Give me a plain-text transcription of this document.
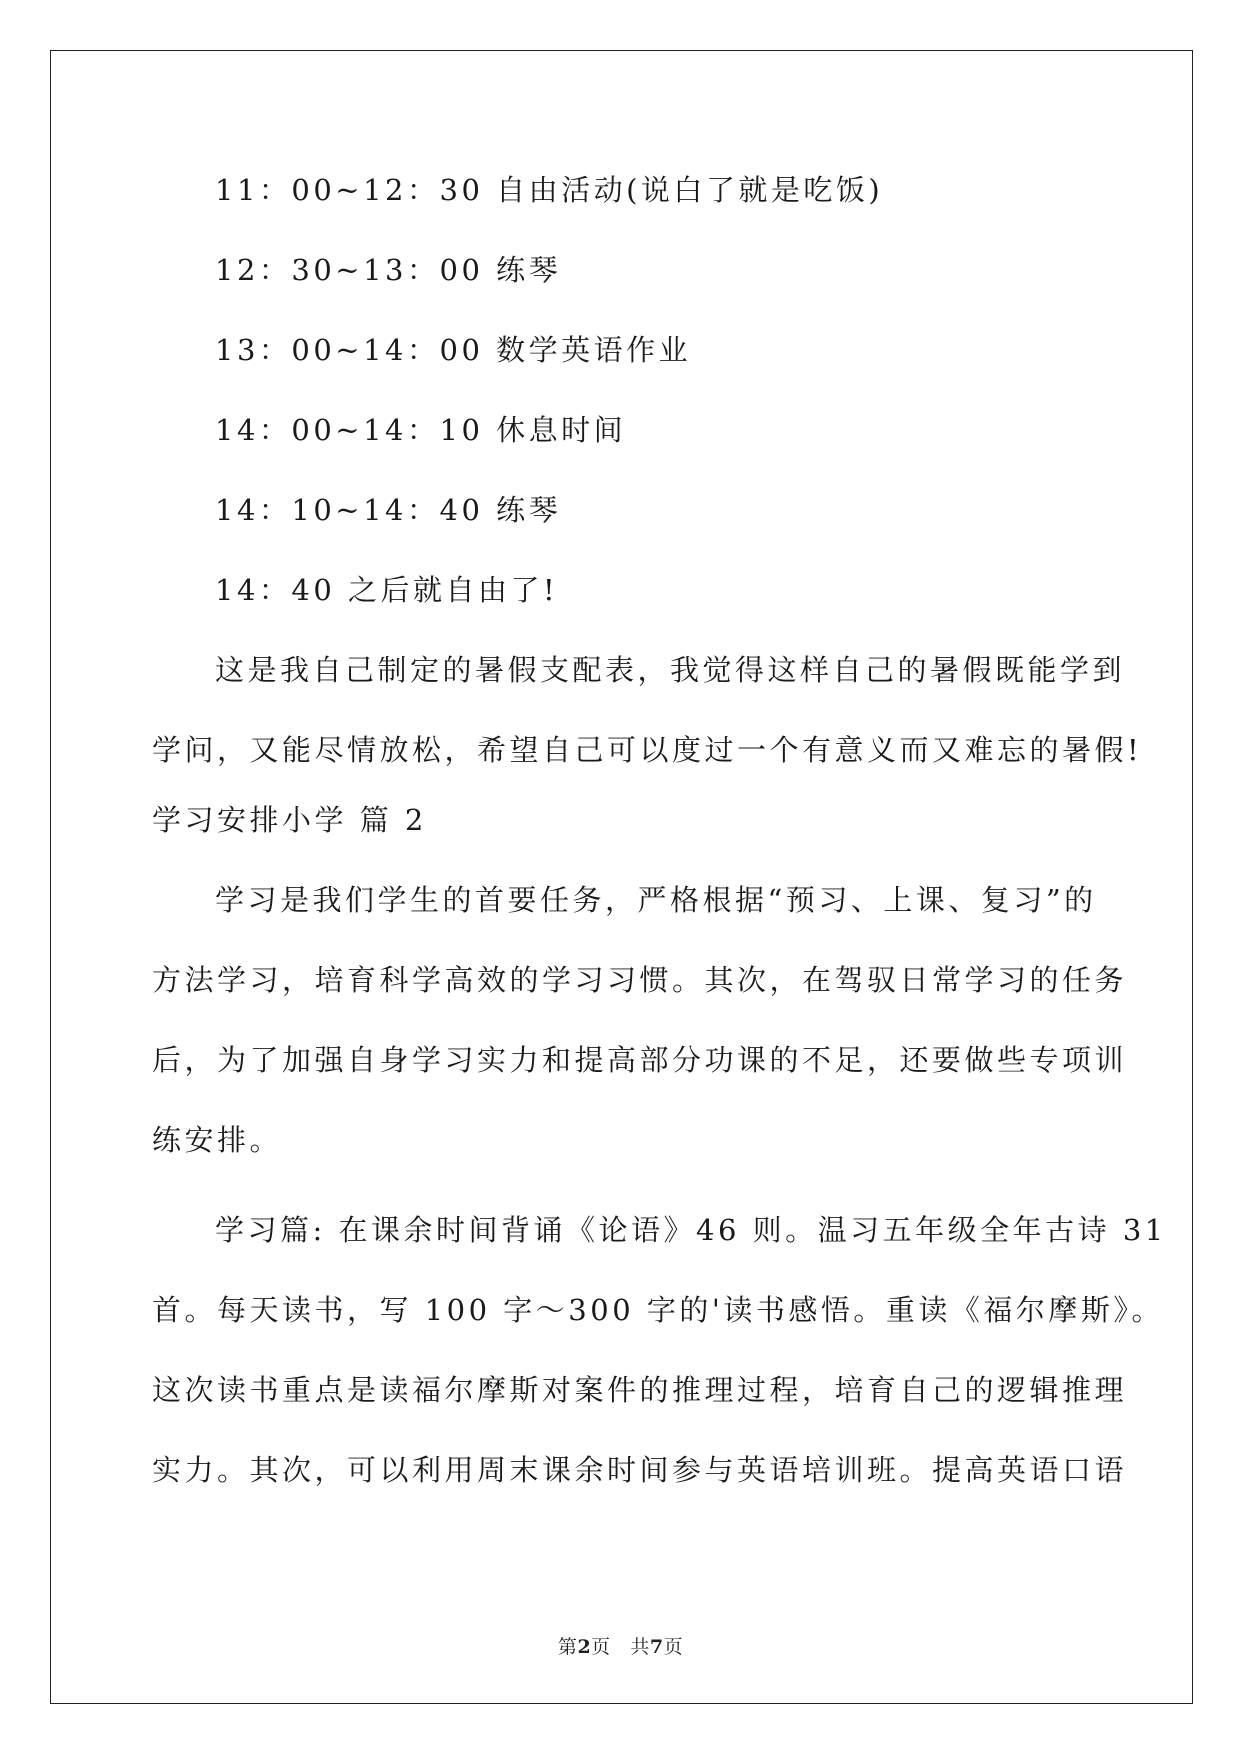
11：00~12：30 自由活动(说白了就是吃饭)
12：30~13：00 练琴
13：00~14：00 数学英语作业
14：00~14：10 休息时间
14：10~14：40 练琴
14：40 之后就自由了!
这是我自己制定的暑假支配表，我觉得这样自己的暑假既能学到
学问，又能尽情放松，希望自己可以度过一个有意义而又难忘的暑假!
学习安排小学 篇 2
学习是我们学生的首要任务，严格根据“预习、上课、复习”的
方法学习，培育科学高效的学习习惯。其次，在驾驭日常学习的任务
后，为了加强自身学习实力和提高部分功课的不足，还要做些专项训
练安排。
学习篇: 在课余时间背诵《论语》46 则。温习五年级全年古诗 31
首。每天读书，写 100 字～300 字的'读书感悟。重读《福尔摩斯》。
这次读书重点是读福尔摩斯对案件的推理过程，培育自己的逻辑推理
实力。其次，可以利用周末课余时间参与英语培训班。提高英语口语
第2页 共7页
